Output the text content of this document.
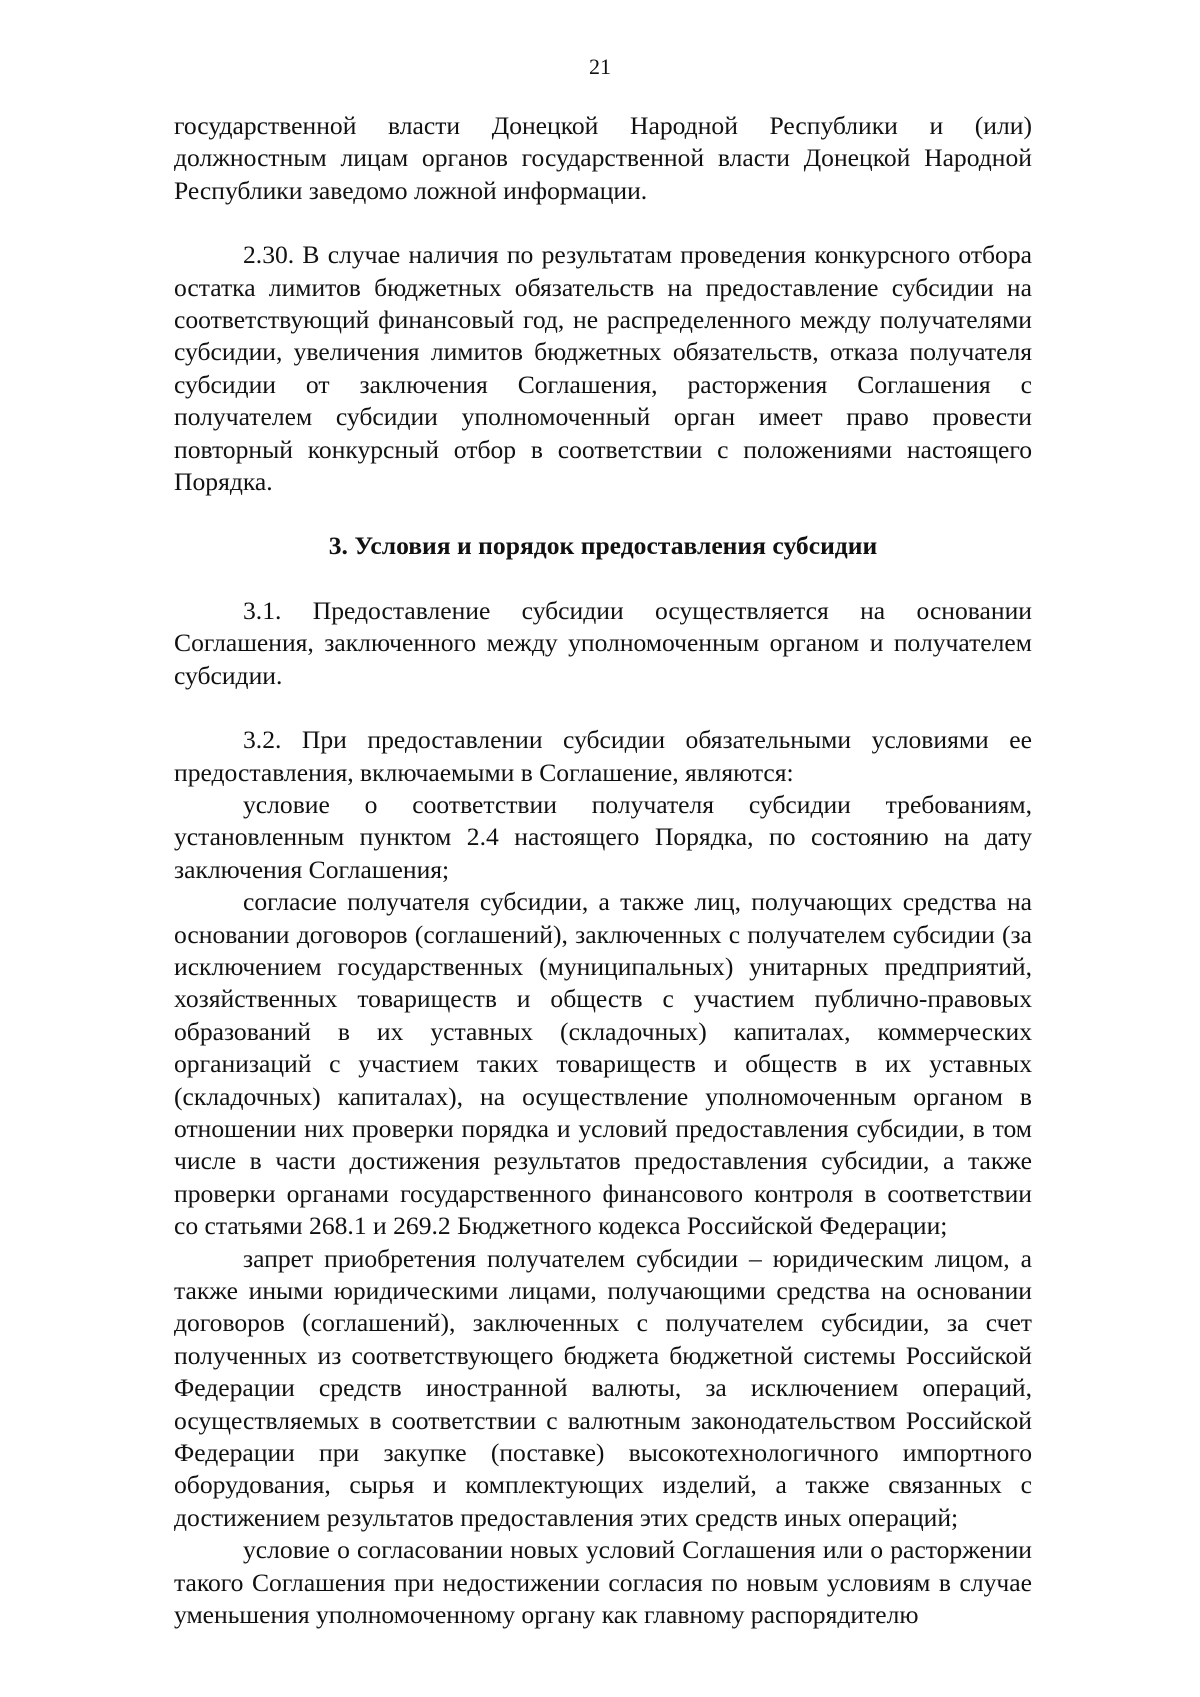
21

государственной власти Донецкой Народной Республики и (или) должностным лицам органов государственной власти Донецкой Народной Республики заведомо ложной информации.

2.30. В случае наличия по результатам проведения конкурсного отбора остатка лимитов бюджетных обязательств на предоставление субсидии на соответствующий финансовый год, не распределенного между получателями субсидии, увеличения лимитов бюджетных обязательств, отказа получателя субсидии от заключения Соглашения, расторжения Соглашения с получателем субсидии уполномоченный орган имеет право провести повторный конкурсный отбор в соответствии с положениями настоящего Порядка.

3. Условия и порядок предоставления субсидии

3.1. Предоставление субсидии осуществляется на основании Соглашения, заключенного между уполномоченным органом и получателем субсидии.

3.2. При предоставлении субсидии обязательными условиями ее предоставления, включаемыми в Соглашение, являются:

условие о соответствии получателя субсидии требованиям, установленным пунктом 2.4 настоящего Порядка, по состоянию на дату заключения Соглашения;

согласие получателя субсидии, а также лиц, получающих средства на основании договоров (соглашений), заключенных с получателем субсидии (за исключением государственных (муниципальных) унитарных предприятий, хозяйственных товариществ и обществ с участием публично-правовых образований в их уставных (складочных) капиталах, коммерческих организаций с участием таких товариществ и обществ в их уставных (складочных) капиталах), на осуществление уполномоченным органом в отношении них проверки порядка и условий предоставления субсидии, в том числе в части достижения результатов предоставления субсидии, а также проверки органами государственного финансового контроля в соответствии со статьями 268.1 и 269.2 Бюджетного кодекса Российской Федерации;

запрет приобретения получателем субсидии – юридическим лицом, а также иными юридическими лицами, получающими средства на основании договоров (соглашений), заключенных с получателем субсидии, за счет полученных из соответствующего бюджета бюджетной системы Российской Федерации средств иностранной валюты, за исключением операций, осуществляемых в соответствии с валютным законодательством Российской Федерации при закупке (поставке) высокотехнологичного импортного оборудования, сырья и комплектующих изделий, а также связанных с достижением результатов предоставления этих средств иных операций;

условие о согласовании новых условий Соглашения или о расторжении такого Соглашения при недостижении согласия по новым условиям в случае уменьшения уполномоченному органу как главному распорядителю
